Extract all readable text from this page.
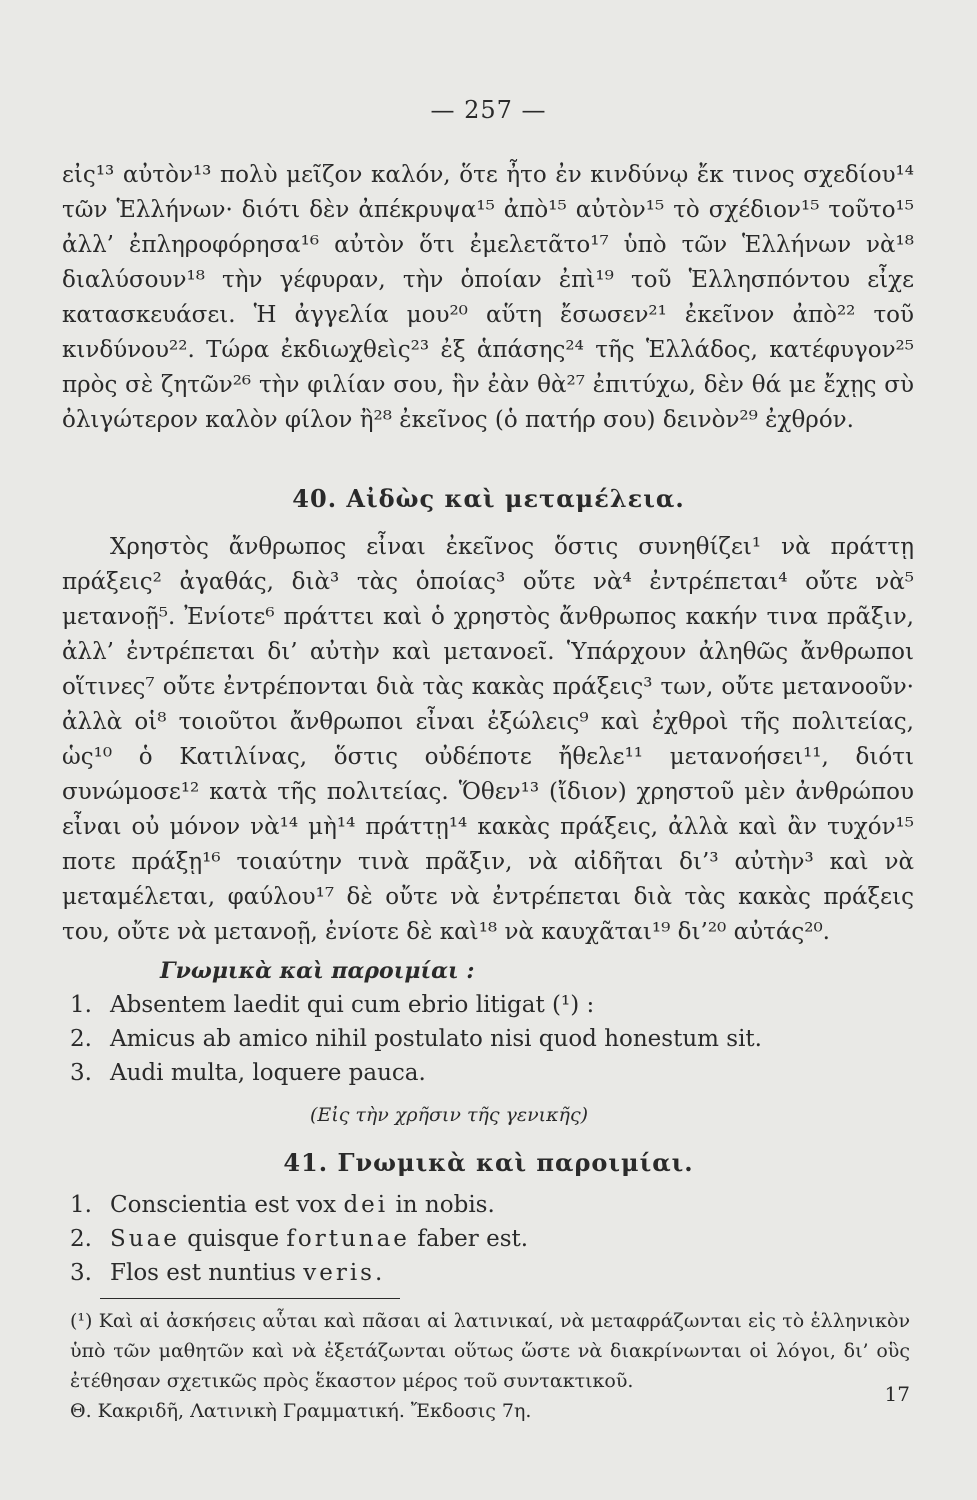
— 257 —

εἰς¹³ αὐτὸν¹³ πολὺ μεῖζον καλόν, ὅτε ἦτο ἐν κινδύνῳ ἔκ τινος σχεδίου¹⁴ τῶν Ἑλλήνων· διότι δὲν ἀπέκρυψα¹⁵ ἀπὸ¹⁵ αὐτὸν¹⁵ τὸ σχέδιον¹⁵ τοῦτο¹⁵ ἀλλ’ ἐπληροφόρησα¹⁶ αὐτὸν ὅτι ἐμελετᾶτο¹⁷ ὑπὸ τῶν Ἑλλήνων νὰ¹⁸ διαλύσουν¹⁸ τὴν γέφυραν, τὴν ὁποίαν ἐπὶ¹⁹ τοῦ Ἑλλησπόντου εἶχε κατασκευάσει. Ἡ ἀγγελία μου²⁰ αὕτη ἔσωσεν²¹ ἐκεῖνον ἀπὸ²² τοῦ κινδύνου²². Τώρα ἐκδιωχθεὶς²³ ἐξ ἁπάσης²⁴ τῆς Ἑλλάδος, κατέφυγον²⁵ πρὸς σὲ ζητῶν²⁶ τὴν φιλίαν σου, ἣν ἐὰν θὰ²⁷ ἐπιτύχω, δὲν θά με ἔχῃς σὺ ὀλιγώτερον καλὸν φίλον ἢ²⁸ ἐκεῖνος (ὁ πατήρ σου) δεινὸν²⁹ ἐχθρόν.

40. Αἰδὼς καὶ μεταμέλεια.

Χρηστὸς ἄνθρωπος εἶναι ἐκεῖνος ὅστις συνηθίζει¹ νὰ πράττῃ πράξεις² ἀγαθάς, διὰ³ τὰς ὁποίας³ οὔτε νὰ⁴ ἐντρέπεται⁴ οὔτε νὰ⁵ μετανοῇ⁵. Ἐνίοτε⁶ πράττει καὶ ὁ χρηστὸς ἄνθρωπος κακήν τινα πρᾶξιν, ἀλλ’ ἐντρέπεται δι’ αὐτὴν καὶ μετανοεῖ. Ὑπάρχουν ἀληθῶς ἄνθρωποι οἵτινες⁷ οὔτε ἐντρέπονται διὰ τὰς κακὰς πράξεις³ των, οὔτε μετανοοῦν· ἀλλὰ οἱ⁸ τοιοῦτοι ἄνθρωποι εἶναι ἐξώλεις⁹ καὶ ἐχθροὶ τῆς πολιτείας, ὡς¹⁰ ὁ Κατιλίνας, ὅστις οὐδέποτε ἤθελε¹¹ μετανοήσει¹¹, διότι συνώμοσε¹² κατὰ τῆς πολιτείας. Ὅθεν¹³ (ἴδιον) χρηστοῦ μὲν ἀνθρώπου εἶναι οὐ μόνον νὰ¹⁴ μὴ¹⁴ πράττῃ¹⁴ κακὰς πράξεις, ἀλλὰ καὶ ἂν τυχόν¹⁵ ποτε πράξῃ¹⁶ τοιαύτην τινὰ πρᾶξιν, νὰ αἰδῆται δι’³ αὐτὴν³ καὶ νὰ μεταμέλεται, φαύλου¹⁷ δὲ οὔτε νὰ ἐντρέπεται διὰ τὰς κακὰς πράξεις του, οὔτε νὰ μετανοῇ, ἐνίοτε δὲ καὶ¹⁸ νὰ καυχᾶται¹⁹ δι’²⁰ αὐτάς²⁰.

Γνωμικὰ καὶ παροιμίαι :
1. Absentem laedit qui cum ebrio litigat (¹) :
2. Amicus ab amico nihil postulato nisi quod honestum sit.
3. Audi multa, loquere pauca.
(Εἰς τὴν χρῆσιν τῆς γενικῆς)
41. Γνωμικὰ καὶ παροιμίαι.
1. Conscientia est vox dei in nobis.
2. Suae quisque fortunae faber est.
3. Flos est nuntius veris.
(¹) Καὶ αἱ ἀσκήσεις αὗται καὶ πᾶσαι αἱ λατινικαί, νὰ μεταφράζωνται εἰς τὸ ἑλληνικὸν ὑπὸ τῶν μαθητῶν καὶ νὰ ἐξετάζωνται οὕτως ὥστε νὰ διακρίνωνται οἱ λόγοι, δι’ οὓς ἐτέθησαν σχετικῶς πρὸς ἕκαστον μέρος τοῦ συντακτικοῦ.
Θ. Κακριδῆ, Λατινικὴ Γραμματική. Ἔκδοσις 7η.
17
